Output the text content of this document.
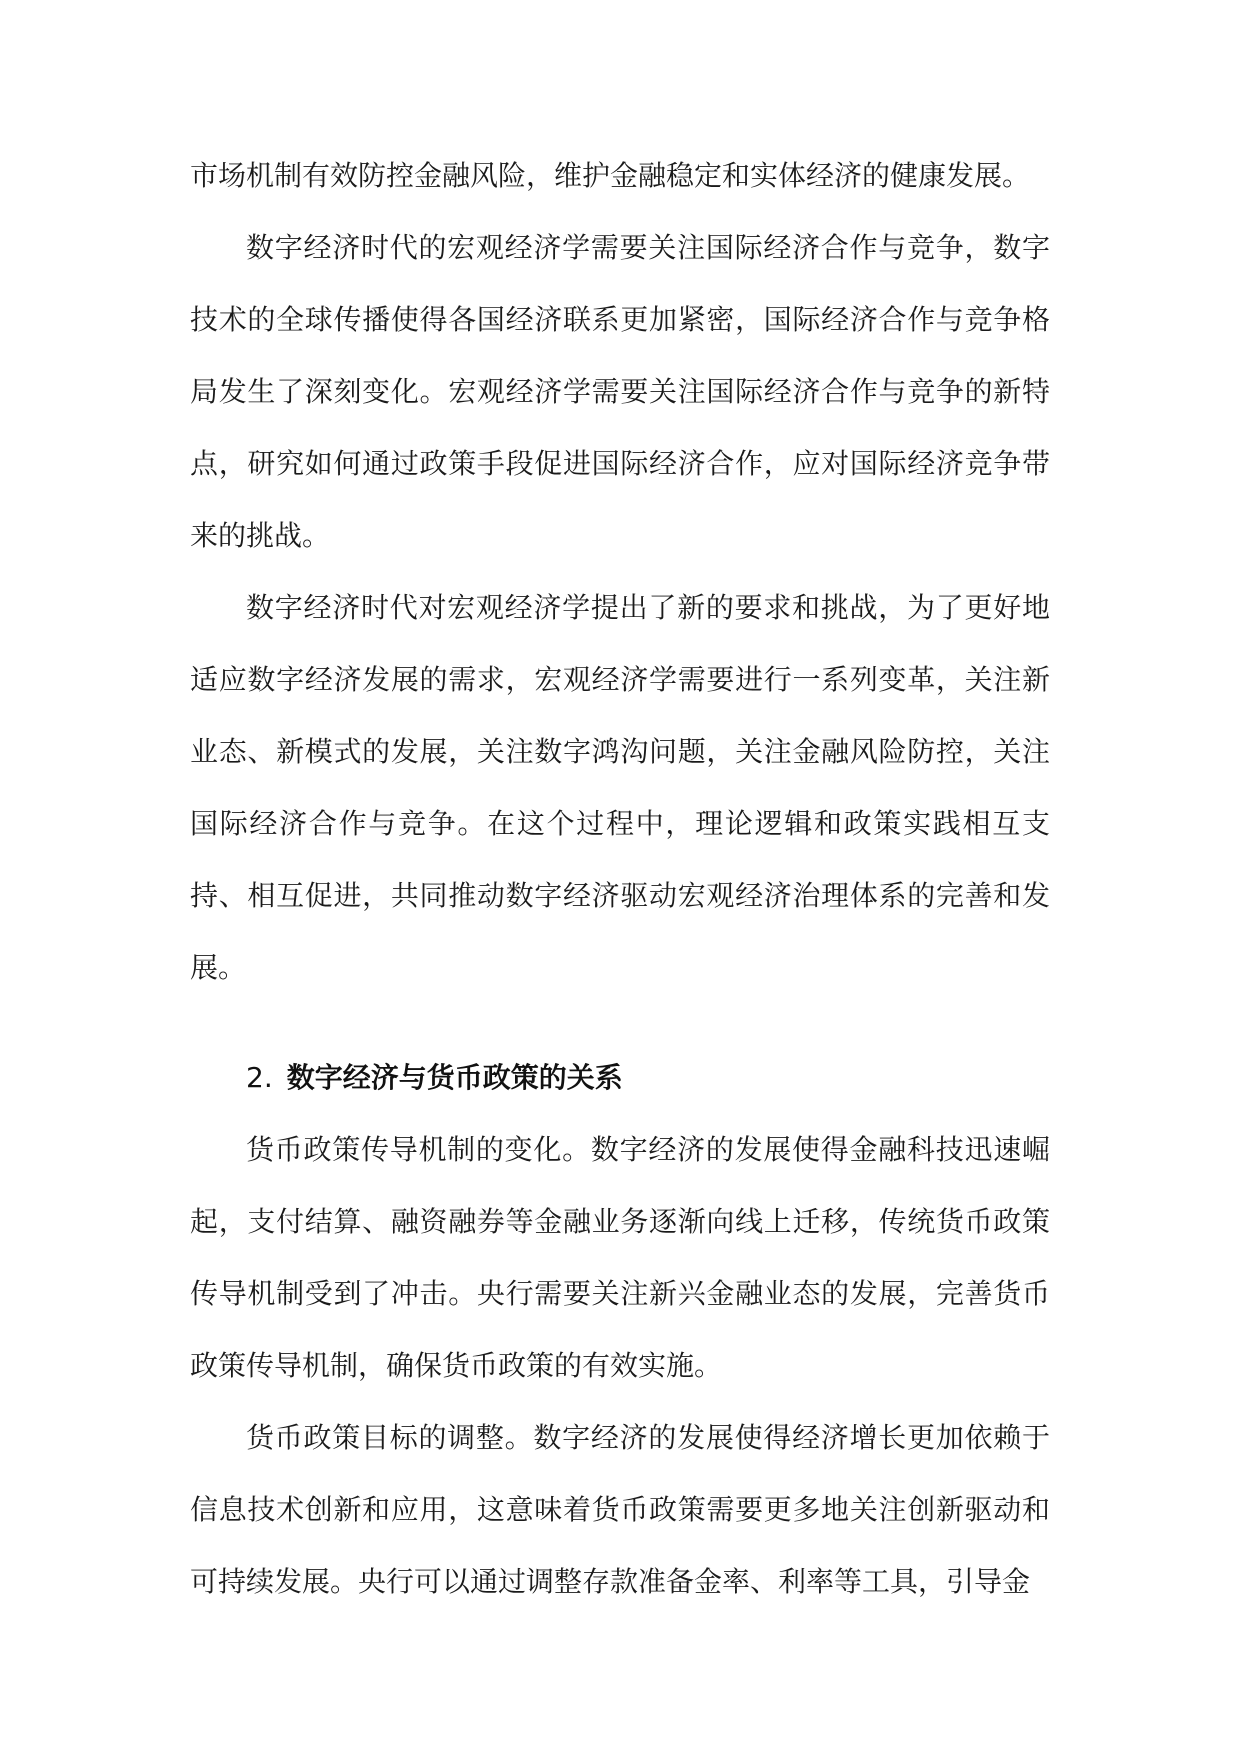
市场机制有效防控金融风险，维护金融稳定和实体经济的健康发展。

数字经济时代的宏观经济学需要关注国际经济合作与竞争，数字技术的全球传播使得各国经济联系更加紧密，国际经济合作与竞争格局发生了深刻变化。宏观经济学需要关注国际经济合作与竞争的新特点，研究如何通过政策手段促进国际经济合作，应对国际经济竞争带来的挑战。

数字经济时代对宏观经济学提出了新的要求和挑战，为了更好地适应数字经济发展的需求，宏观经济学需要进行一系列变革，关注新业态、新模式的发展，关注数字鸿沟问题，关注金融风险防控，关注国际经济合作与竞争。在这个过程中，理论逻辑和政策实践相互支持、相互促进，共同推动数字经济驱动宏观经济治理体系的完善和发展。

2. 数字经济与货币政策的关系

货币政策传导机制的变化。数字经济的发展使得金融科技迅速崛起，支付结算、融资融券等金融业务逐渐向线上迁移，传统货币政策传导机制受到了冲击。央行需要关注新兴金融业态的发展，完善货币政策传导机制，确保货币政策的有效实施。

货币政策目标的调整。数字经济的发展使得经济增长更加依赖于信息技术创新和应用，这意味着货币政策需要更多地关注创新驱动和可持续发展。央行可以通过调整存款准备金率、利率等工具，引导金
